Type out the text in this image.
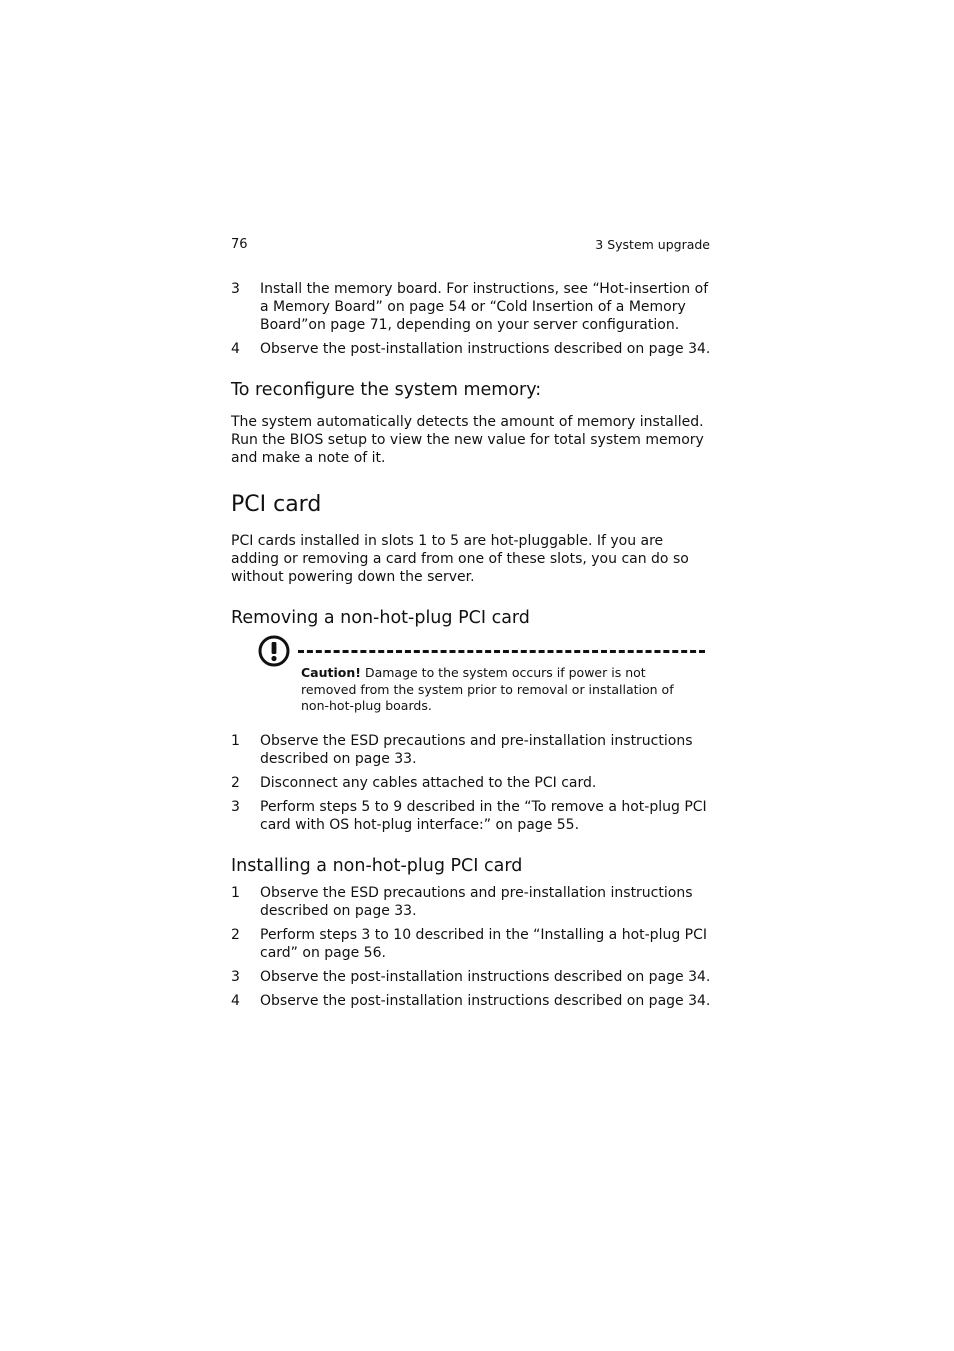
76	3 System upgrade
3 Install the memory board. For instructions, see “Hot-insertion of a Memory Board” on page 54 or “Cold Insertion of a Memory Board”on page 71, depending on your server configuration.
4 Observe the post-installation instructions described on page 34.
To reconfigure the system memory:

The system automatically detects the amount of memory installed. Run the BIOS setup to view the new value for total system memory and make a note of it.

PCI card

PCI cards installed in slots 1 to 5 are hot-pluggable. If you are adding or removing a card from one of these slots, you can do so without powering down the server.

Removing a non-hot-plug PCI card
Caution! Damage to the system occurs if power is not removed from the system prior to removal or installation of non-hot-plug boards.
1 Observe the ESD precautions and pre-installation instructions described on page 33.
2 Disconnect any cables attached to the PCI card.
3 Perform steps 5 to 9 described in the “To remove a hot-plug PCI card with OS hot-plug interface:” on page 55.
Installing a non-hot-plug PCI card
1 Observe the ESD precautions and pre-installation instructions described on page 33.
2 Perform steps 3 to 10 described in the “Installing a hot-plug PCI card” on page 56.
3 Observe the post-installation instructions described on page 34.
4 Observe the post-installation instructions described on page 34.
